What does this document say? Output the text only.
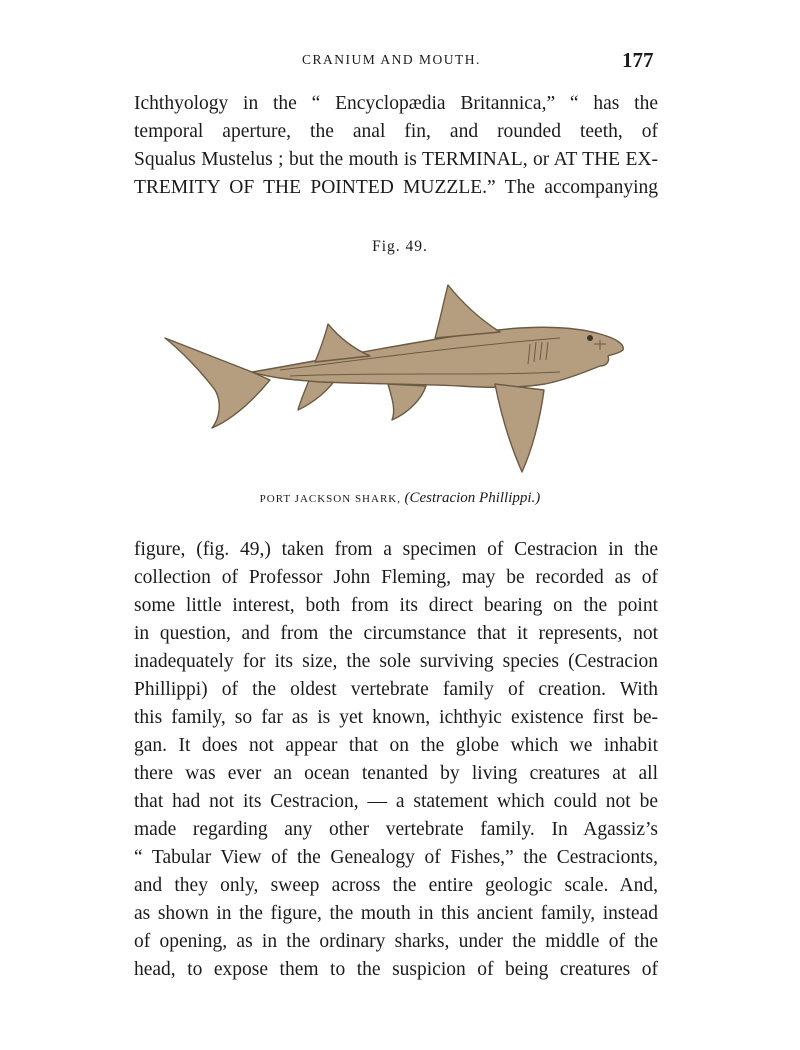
CRANIUM AND MOUTH.	177
Ichthyology in the “ Encyclopædia Britannica,” “ has the
temporal aperture, the anal fin, and rounded teeth, of
Squalus Mustelus ; but the mouth is TERMINAL, or AT THE EX-
TREMITY OF THE POINTED MUZZLE.” The accompanying
Fig. 49.
PORT JACKSON SHARK, (Cestracion Phillippi.)
figure, (fig. 49,) taken from a specimen of Cestracion in the
collection of Professor John Fleming, may be recorded as of
some little interest, both from its direct bearing on the point
in question, and from the circumstance that it represents, not
inadequately for its size, the sole surviving species (Cestracion
Phillippi) of the oldest vertebrate family of creation. With
this family, so far as is yet known, ichthyic existence first be-
gan. It does not appear that on the globe which we inhabit
there was ever an ocean tenanted by living creatures at all
that had not its Cestracion, — a statement which could not be
made regarding any other vertebrate family. In Agassiz’s
“ Tabular View of the Genealogy of Fishes,” the Cestracionts,
and they only, sweep across the entire geologic scale. And,
as shown in the figure, the mouth in this ancient family, instead
of opening, as in the ordinary sharks, under the middle of the
head, to expose them to the suspicion of being creatures of
